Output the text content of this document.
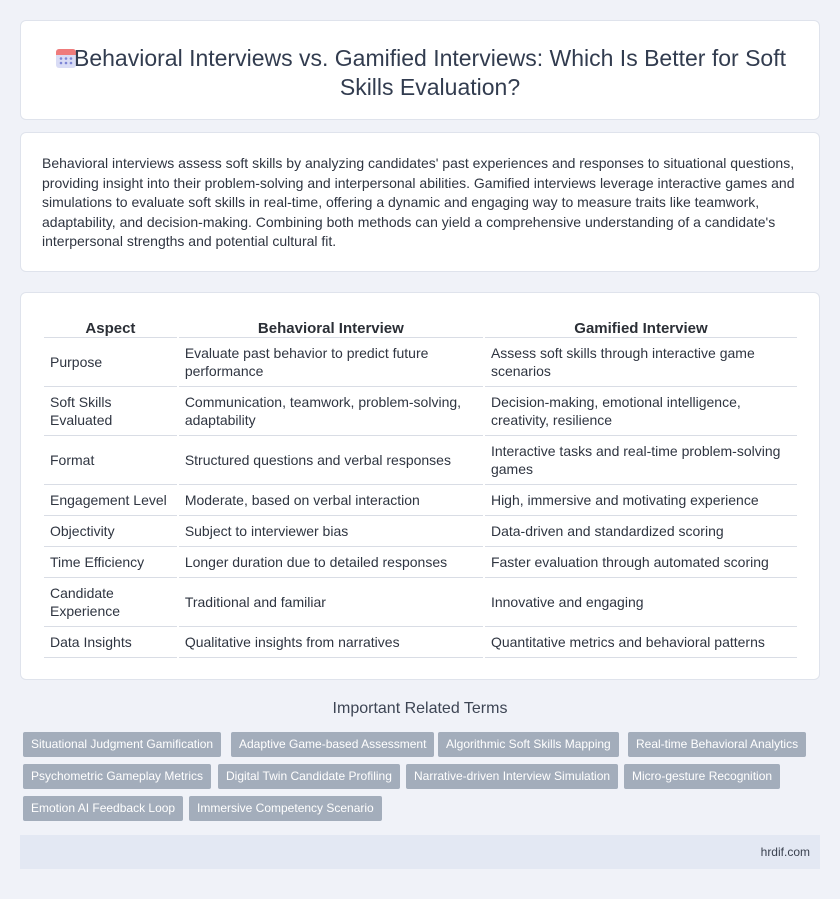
Behavioral Interviews vs. Gamified Interviews: Which Is Better for Soft Skills Evaluation?

Behavioral interviews assess soft skills by analyzing candidates' past experiences and responses to situational questions, providing insight into their problem-solving and interpersonal abilities. Gamified interviews leverage interactive games and simulations to evaluate soft skills in real-time, offering a dynamic and engaging way to measure traits like teamwork, adaptability, and decision-making. Combining both methods can yield a comprehensive understanding of a candidate's interpersonal strengths and potential cultural fit.

Aspect	Behavioral Interview	Gamified Interview
Purpose	Evaluate past behavior to predict future performance	Assess soft skills through interactive game scenarios
Soft Skills Evaluated	Communication, teamwork, problem-solving, adaptability	Decision-making, emotional intelligence, creativity, resilience
Format	Structured questions and verbal responses	Interactive tasks and real-time problem-solving games
Engagement Level	Moderate, based on verbal interaction	High, immersive and motivating experience
Objectivity	Subject to interviewer bias	Data-driven and standardized scoring
Time Efficiency	Longer duration due to detailed responses	Faster evaluation through automated scoring
Candidate Experience	Traditional and familiar	Innovative and engaging
Data Insights	Qualitative insights from narratives	Quantitative metrics and behavioral patterns
Important Related Terms
Situational Judgment Gamification	Adaptive Game-based Assessment	Algorithmic Soft Skills Mapping	Real-time Behavioral Analytics
Psychometric Gameplay Metrics	Digital Twin Candidate Profiling	Narrative-driven Interview Simulation	Micro-gesture Recognition
Emotion AI Feedback Loop	Immersive Competency Scenario
hrdif.com
